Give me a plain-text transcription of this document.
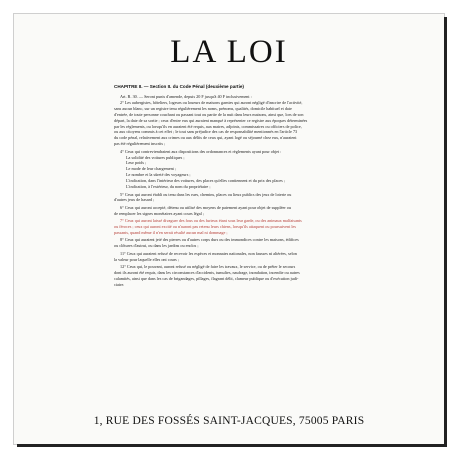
LA LOI
CHAPITRE II. — Section II. du Code Pénal (deuxième partie)
Art. R. 30. — Seront punis d'amende, depuis 20 F jusqu'à 40 F inclusivement :
2° Les aubergistes, hôteliers, logeurs ou loueurs de maisons garnies qui auront négligé d'inscrire de l'activité,
sans aucun blanc, sur un registre tenu régulièrement les noms, prénoms, qualités, domicile habituel et date
d'entrée, de toute personne couchant ou passant tout ou partie de la nuit dans leurs maisons, ainsi que, lors de son
départ, la date de sa sortie ; ceux d'entre eux qui auraient manqué à représenter ce registre aux époques déterminées
par les règlements, ou lorsqu'ils en auraient été requis, aux maires, adjoints, commissaires ou officiers de police,
ou aux citoyens commis à cet effet ; le tout sans préjudice des cas de responsabilité mentionnés en l'article 73
du code pénal, relativement aux crimes ou aux délits de ceux qui, ayant logé ou séjourné chez eux, n'auraient
pas été régulièrement inscrits ;
4° Ceux qui contreviendraient aux dispositions des ordonnances et règlements ayant pour objet :
La solidité des voitures publiques ;
Leur poids ;
Le mode de leur chargement ;
Le nombre et la sûreté des voyageurs ;
L'indication, dans l'intérieur des voitures, des places qu'elles contiennent et du prix des places ;
L'indication, à l'extérieur, du nom du propriétaire ;
5° Ceux qui auront établi ou tenu dans les rues, chemins, places ou lieux publics des jeux de loterie ou
d'autres jeux de hasard ;
6° Ceux qui auront accepté, détenu ou utilisé des moyens de paiement ayant pour objet de suppléer ou
de remplacer les signes monétaires ayant cours légal ;
7° Ceux qui auront laissé divaguer des fous ou des furieux étant sous leur garde, ou des animaux malfaisants
ou féroces ; ceux qui auront excité ou n'auront pas retenu leurs chiens, lorsqu'ils attaquent ou poursuivent les
passants, quand même il n'en serait résulté aucun mal ni dommage ;
8° Ceux qui auraient jeté des pierres ou d'autres corps durs ou des immondices contre les maisons, édifices
ou clôtures d'autrui, ou dans les jardins ou enclos ;
11° Ceux qui auraient refusé de recevoir les espèces et monnaies nationales, non fausses ni altérées, selon
la valeur pour laquelle elles ont cours ;
12° Ceux qui, le pouvant, auront refusé ou négligé de faire les travaux, le service, ou de prêter le secours
dont ils auront été requis, dans les circonstances d'accidents, tumultes, naufrage, inondation, incendie ou autres
calamités, ainsi que dans les cas de brigandages, pillages, flagrant délit, clameur publique ou d'exécution judi-
ciaire.
1, RUE DES FOSSÉS SAINT-JACQUES, 75005 PARIS
